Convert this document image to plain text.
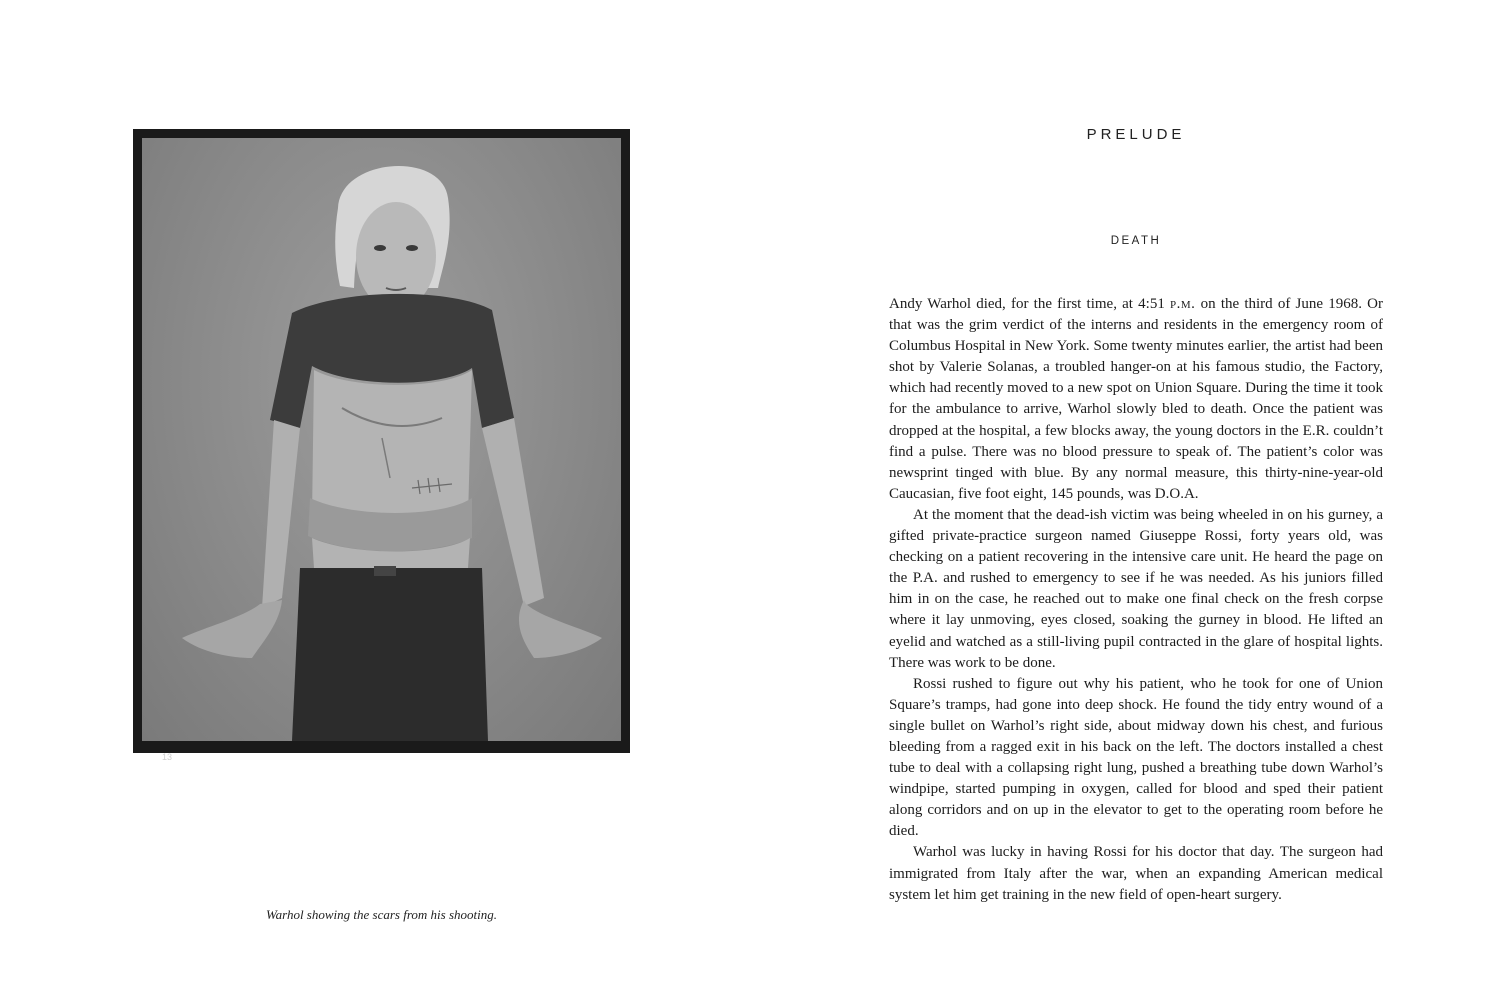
13
Warhol showing the scars from his shooting.
PRELUDE
DEATH

Andy Warhol died, for the first time, at 4:51 p.m. on the third of June 1968. Or that was the grim verdict of the interns and residents in the emergency room of Columbus Hospital in New York. Some twenty minutes earlier, the artist had been shot by Valerie Solanas, a troubled hanger-on at his famous studio, the Factory, which had recently moved to a new spot on Union Square. During the time it took for the ambulance to arrive, Warhol slowly bled to death. Once the patient was dropped at the hospital, a few blocks away, the young doctors in the E.R. couldn’t find a pulse. There was no blood pressure to speak of. The patient’s color was newsprint tinged with blue. By any normal measure, this thirty-nine-year-old Caucasian, five foot eight, 145 pounds, was D.O.A.

At the moment that the dead-ish victim was being wheeled in on his gurney, a gifted private-practice surgeon named Giuseppe Rossi, forty years old, was checking on a patient recovering in the intensive care unit. He heard the page on the P.A. and rushed to emergency to see if he was needed. As his juniors filled him in on the case, he reached out to make one final check on the fresh corpse where it lay unmoving, eyes closed, soaking the gurney in blood. He lifted an eyelid and watched as a still-living pupil contracted in the glare of hospital lights. There was work to be done.

Rossi rushed to figure out why his patient, who he took for one of Union Square’s tramps, had gone into deep shock. He found the tidy entry wound of a single bullet on Warhol’s right side, about midway down his chest, and furious bleeding from a ragged exit in his back on the left. The doctors installed a chest tube to deal with a collapsing right lung, pushed a breathing tube down Warhol’s windpipe, started pumping in oxygen, called for blood and sped their patient along corridors and on up in the elevator to get to the operating room before he died.

Warhol was lucky in having Rossi for his doctor that day. The surgeon had immigrated from Italy after the war, when an expanding American medical system let him get training in the new field of open-heart surgery.
